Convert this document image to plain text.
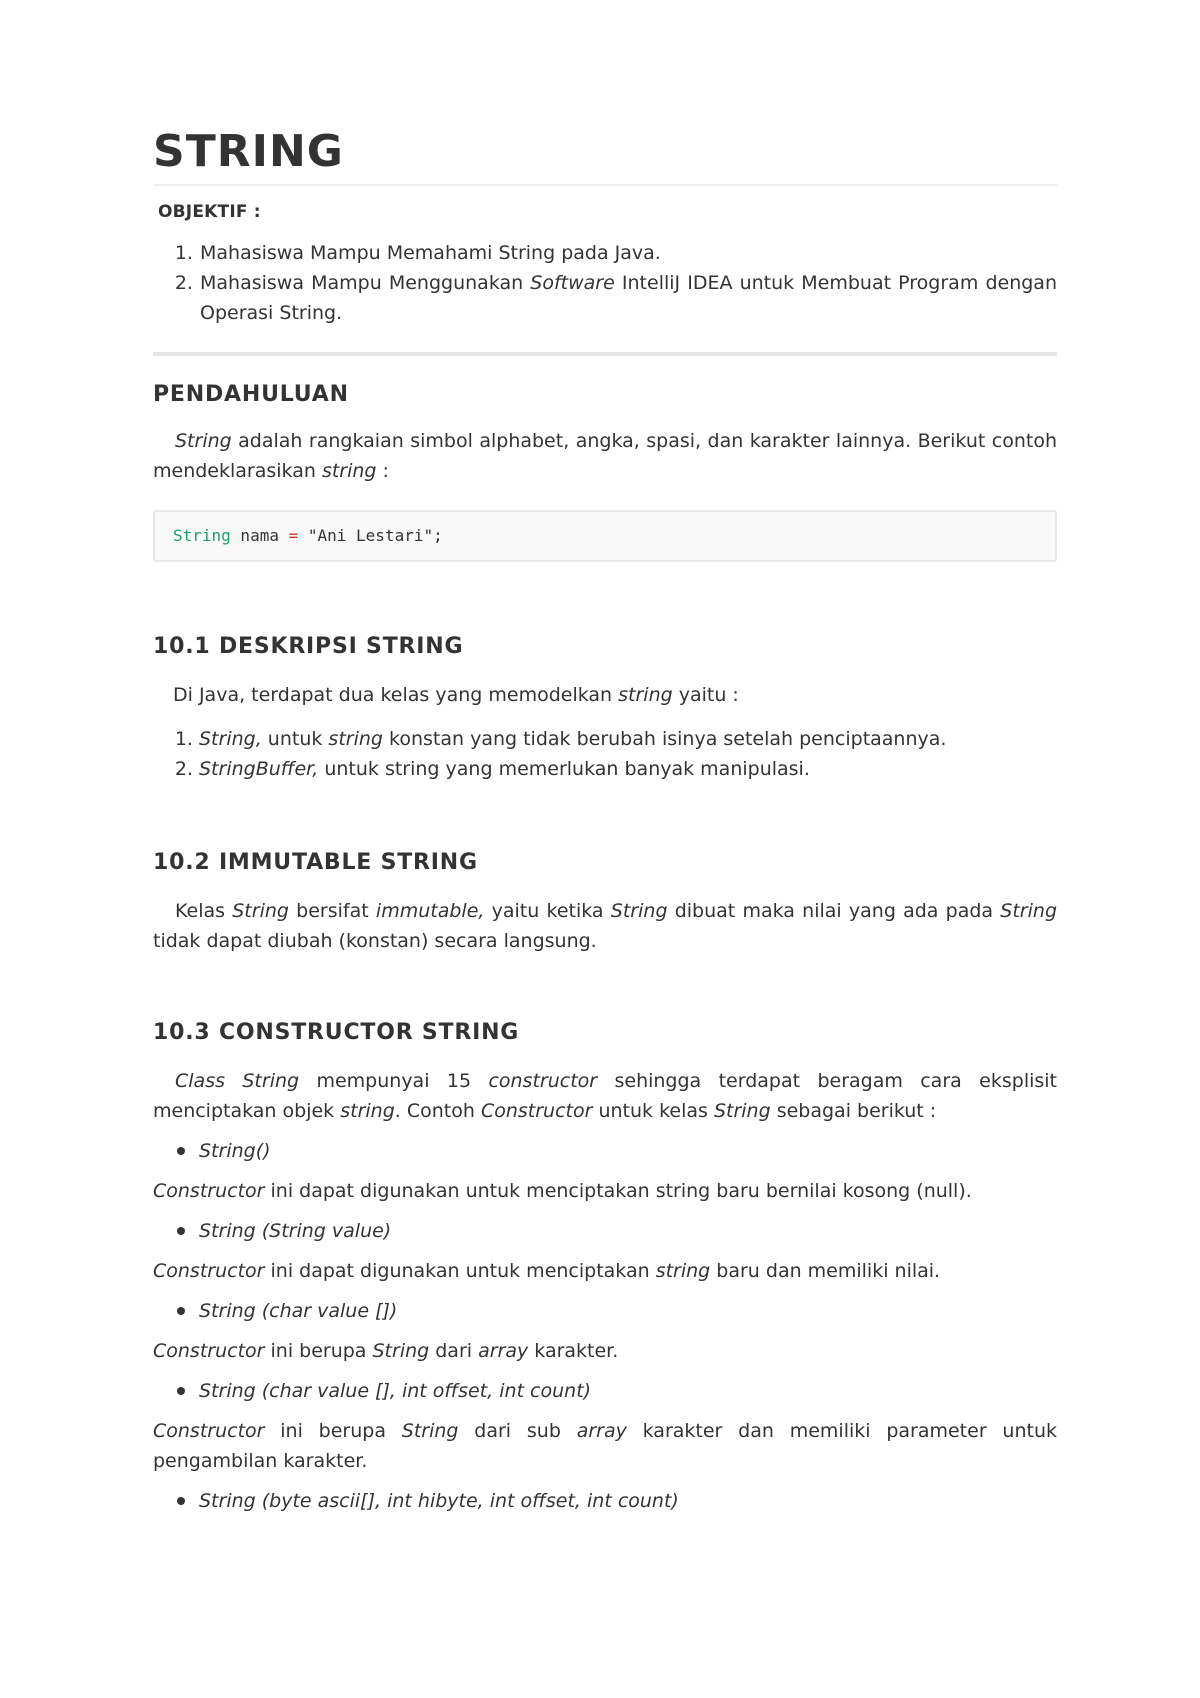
STRING
OBJEKTIF :
1. Mahasiswa Mampu Memahami String pada Java.
2. Mahasiswa Mampu Menggunakan Software IntelliJ IDEA untuk Membuat Program dengan Operasi String.
PENDAHULUAN

String adalah rangkaian simbol alphabet, angka, spasi, dan karakter lainnya. Berikut contoh mendeklarasikan string :

String nama = "Ani Lestari";
10.1 DESKRIPSI STRING

Di Java, terdapat dua kelas yang memodelkan string yaitu :

1. String, untuk string konstan yang tidak berubah isinya setelah penciptaannya.
2. StringBuffer, untuk string yang memerlukan banyak manipulasi.
10.2 IMMUTABLE STRING

Kelas String bersifat immutable, yaitu ketika String dibuat maka nilai yang ada pada String tidak dapat diubah (konstan) secara langsung.

10.3 CONSTRUCTOR STRING

Class String mempunyai 15 constructor sehingga terdapat beragam cara eksplisit menciptakan objek string. Contoh Constructor untuk kelas String sebagai berikut :

String()

Constructor ini dapat digunakan untuk menciptakan string baru bernilai kosong (null).

String (String value)

Constructor ini dapat digunakan untuk menciptakan string baru dan memiliki nilai.

String (char value [])

Constructor ini berupa String dari array karakter.

String (char value [], int offset, int count)

Constructor ini berupa String dari sub array karakter dan memiliki parameter untuk pengambilan karakter.

String (byte ascii[], int hibyte, int offset, int count)
